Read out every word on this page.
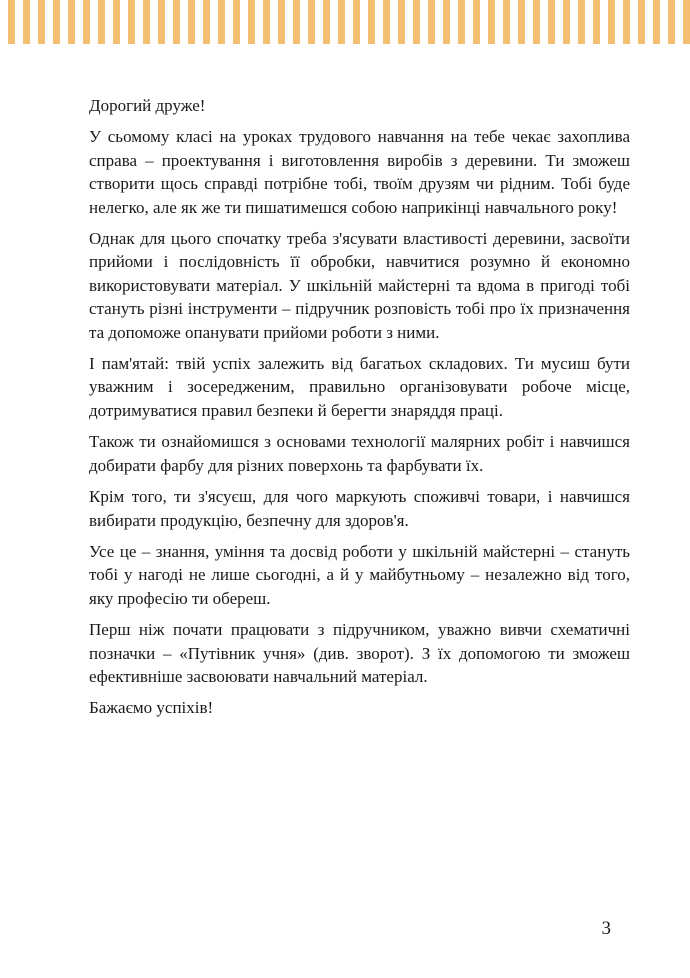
Дорогий друже!

У сьомому класі на уроках трудового навчання на тебе чекає захоплива справа – проектування і виготовлення виробів з деревини. Ти зможеш створити щось справді потрібне тобі, твоїм друзям чи рідним. Тобі буде нелегко, але як же ти пишатимешся собою наприкінці навчального року!

Однак для цього спочатку треба з'ясувати властивості деревини, засвоїти прийоми і послідовність її обробки, навчитися розумно й економно використовувати матеріал. У шкільній майстерні та вдома в пригоді тобі стануть різні інструменти – підручник розповість тобі про їх призначення та допоможе опанувати прийоми роботи з ними.

І пам'ятай: твій успіх залежить від багатьох складових. Ти мусиш бути уважним і зосередженим, правильно організовувати робоче місце, дотримуватися правил безпеки й берегти знаряддя праці.

Також ти ознайомишся з основами технології малярних робіт і навчишся добирати фарбу для різних поверхонь та фарбувати їх.

Крім того, ти з'ясуєш, для чого маркують споживчі товари, і навчишся вибирати продукцію, безпечну для здоров'я.

Усе це – знання, уміння та досвід роботи у шкільній майстерні – стануть тобі у нагоді не лише сьогодні, а й у майбутньому – незалежно від того, яку професію ти обереш.

Перш ніж почати працювати з підручником, уважно вивчи схематичні позначки – «Путівник учня» (див. зворот). З їх допомогою ти зможеш ефективніше засвоювати навчальний матеріал.

Бажаємо успіхів!

3
